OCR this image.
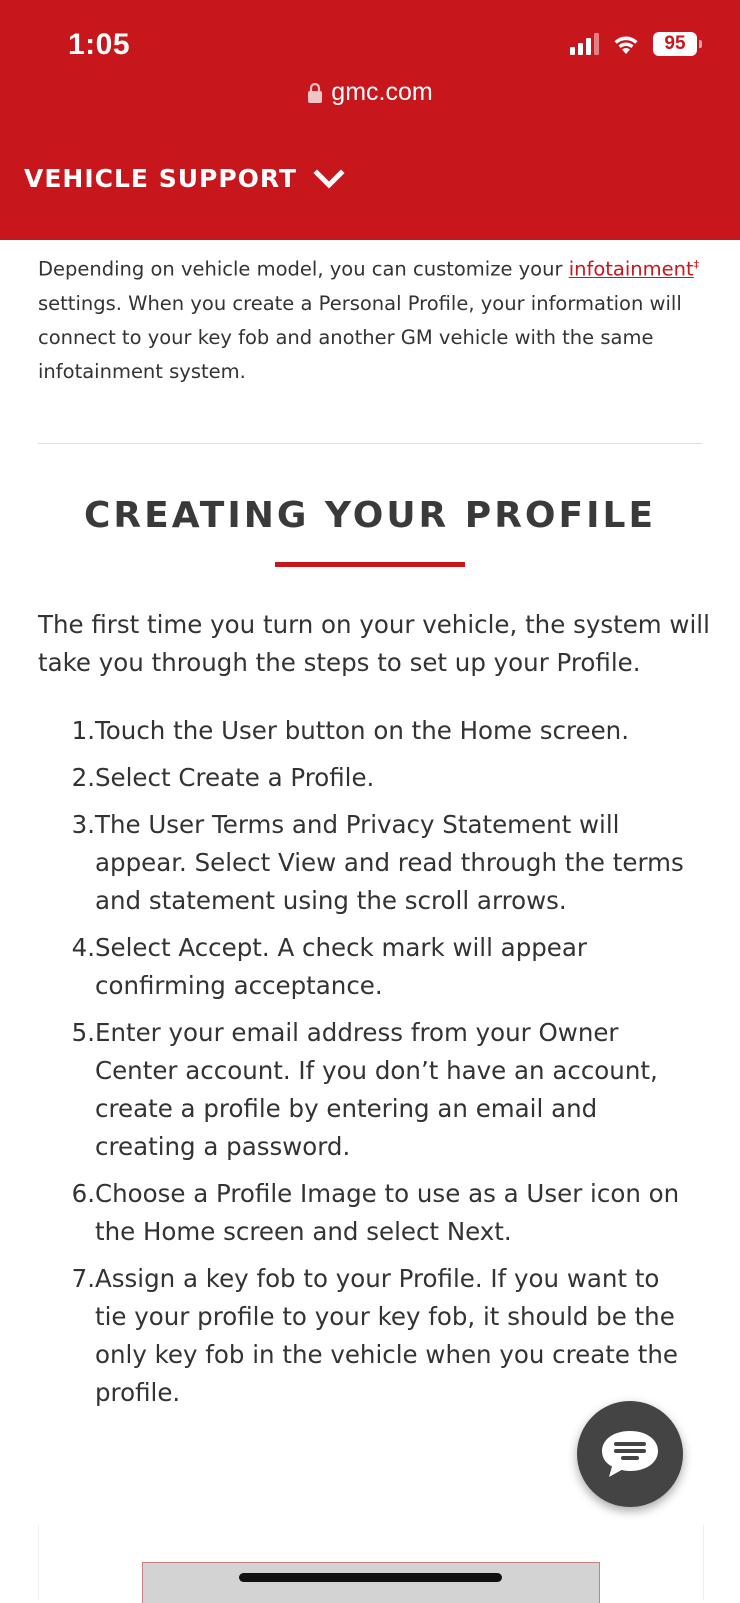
1:05	95
gmc.com
VEHICLE SUPPORT

Depending on vehicle model, you can customize your infotainment‡ settings. When you create a Personal Profile, your information will connect to your key fob and another GM vehicle with the same infotainment system.

CREATING YOUR PROFILE

The first time you turn on your vehicle, the system will take you through the steps to set up your Profile.

1. Touch the User button on the Home screen.
2. Select Create a Profile.
3. The User Terms and Privacy Statement will appear. Select View and read through the terms and statement using the scroll arrows.
4. Select Accept. A check mark will appear confirming acceptance.
5. Enter your email address from your Owner Center account. If you don’t have an account, create a profile by entering an email and creating a password.
6. Choose a Profile Image to use as a User icon on the Home screen and select Next.
7. Assign a key fob to your Profile. If you want to tie your profile to your key fob, it should be the only key fob in the vehicle when you create the profile.
